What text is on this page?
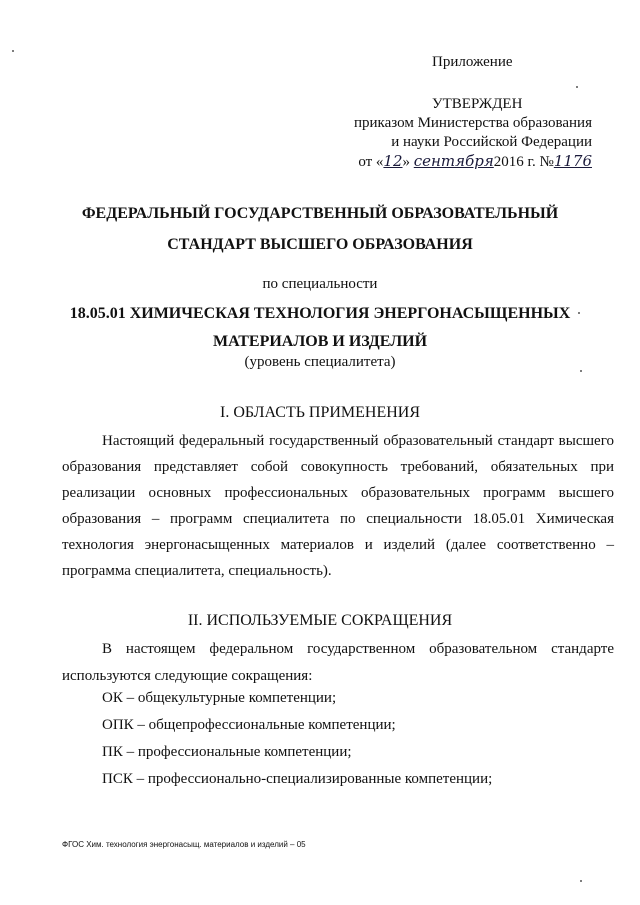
Приложение
УТВЕРЖДЕН
приказом Министерства образования
и науки Российской Федерации
от «12» сентября2016 г. №1176
ФЕДЕРАЛЬНЫЙ ГОСУДАРСТВЕННЫЙ ОБРАЗОВАТЕЛЬНЫЙ
СТАНДАРТ ВЫСШЕГО ОБРАЗОВАНИЯ
по специальности
18.05.01 ХИМИЧЕСКАЯ ТЕХНОЛОГИЯ ЭНЕРГОНАСЫЩЕННЫХ
МАТЕРИАЛОВ И ИЗДЕЛИЙ
(уровень специалитета)
I. ОБЛАСТЬ ПРИМЕНЕНИЯ

Настоящий федеральный государственный образовательный стандарт высшего образования представляет собой совокупность требований, обязательных при реализации основных профессиональных образовательных программ высшего образования – программ специалитета по специальности 18.05.01 Химическая технология энергонасыщенных материалов и изделий (далее соответственно – программа специалитета, специальность).

II. ИСПОЛЬЗУЕМЫЕ СОКРАЩЕНИЯ

В настоящем федеральном государственном образовательном стандарте используются следующие сокращения:

ОК – общекультурные компетенции;
ОПК – общепрофессиональные компетенции;
ПК – профессиональные компетенции;
ПСК – профессионально-специализированные компетенции;
ФГОС Хим. технология энергонасыщ. материалов и изделий – 05
